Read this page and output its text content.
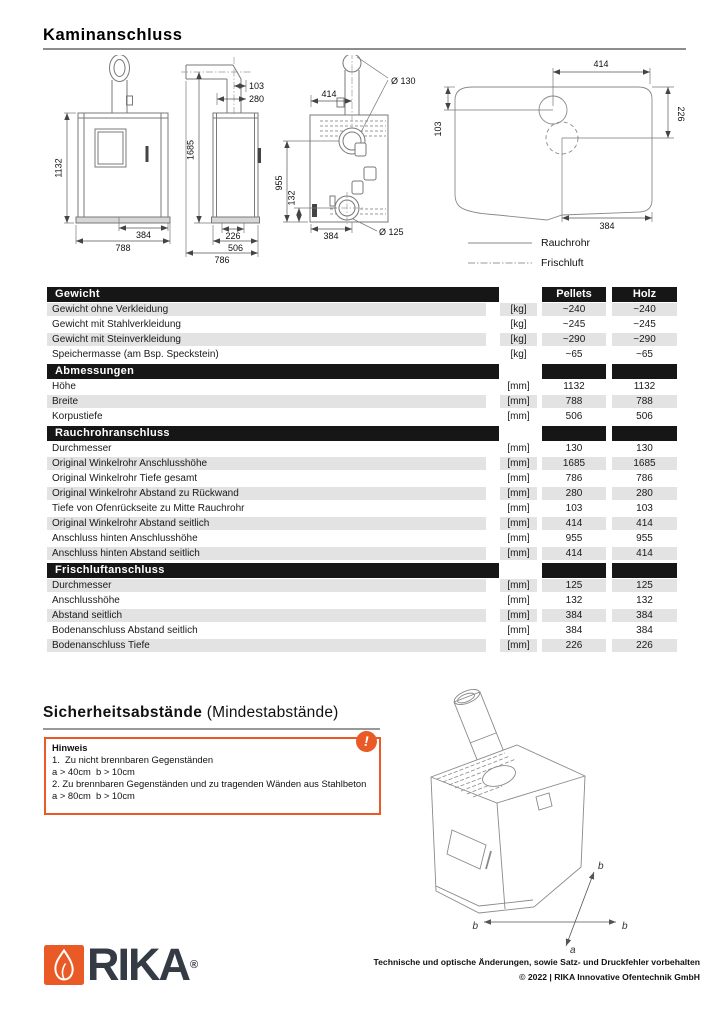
Kaminanschluss
1132
384
788
1685
103
280
226
506
786
414
Ø 130
955
132
384	Ø 125
103
414
226
384
Rauchrohr
Frischluft
Gewicht	Pellets	Holz
Gewicht ohne Verkleidung	[kg]	~240	~240
Gewicht mit Stahlverkleidung	[kg]	~245	~245
Gewicht mit Steinverkleidung	[kg]	~290	~290
Speichermasse (am Bsp. Speckstein)	[kg]	~65	~65
Abmessungen
Höhe	[mm]	1132	1132
Breite	[mm]	788	788
Korpustiefe	[mm]	506	506
Rauchrohranschluss
Durchmesser	[mm]	130	130
Original Winkelrohr Anschlusshöhe	[mm]	1685	1685
Original Winkelrohr Tiefe gesamt	[mm]	786	786
Original Winkelrohr Abstand zu Rückwand	[mm]	280	280
Tiefe von Ofenrückseite zu Mitte Rauchrohr	[mm]	103	103
Original Winkelrohr Abstand seitlich	[mm]	414	414
Anschluss hinten Anschlusshöhe	[mm]	955	955
Anschluss hinten Abstand seitlich	[mm]	414	414
Frischluftanschluss
Durchmesser	[mm]	125	125
Anschlusshöhe	[mm]	132	132
Abstand seitlich	[mm]	384	384
Bodenanschluss Abstand seitlich	[mm]	384	384
Bodenanschluss Tiefe	[mm]	226	226
Sicherheitsabstände (Mindestabstände)
!
Hinweis
1.  Zu nicht brennbaren Gegenständen
a > 40cm  b > 10cm
2. Zu brennbaren Gegenständen und zu tragenden Wänden aus Stahlbeton
a > 80cm  b > 10cm
b	b
b
a
RIKA ®	Technische und optische Änderungen, sowie Satz- und Druckfehler vorbehalten
© 2022 | RIKA Innovative Ofentechnik GmbH
